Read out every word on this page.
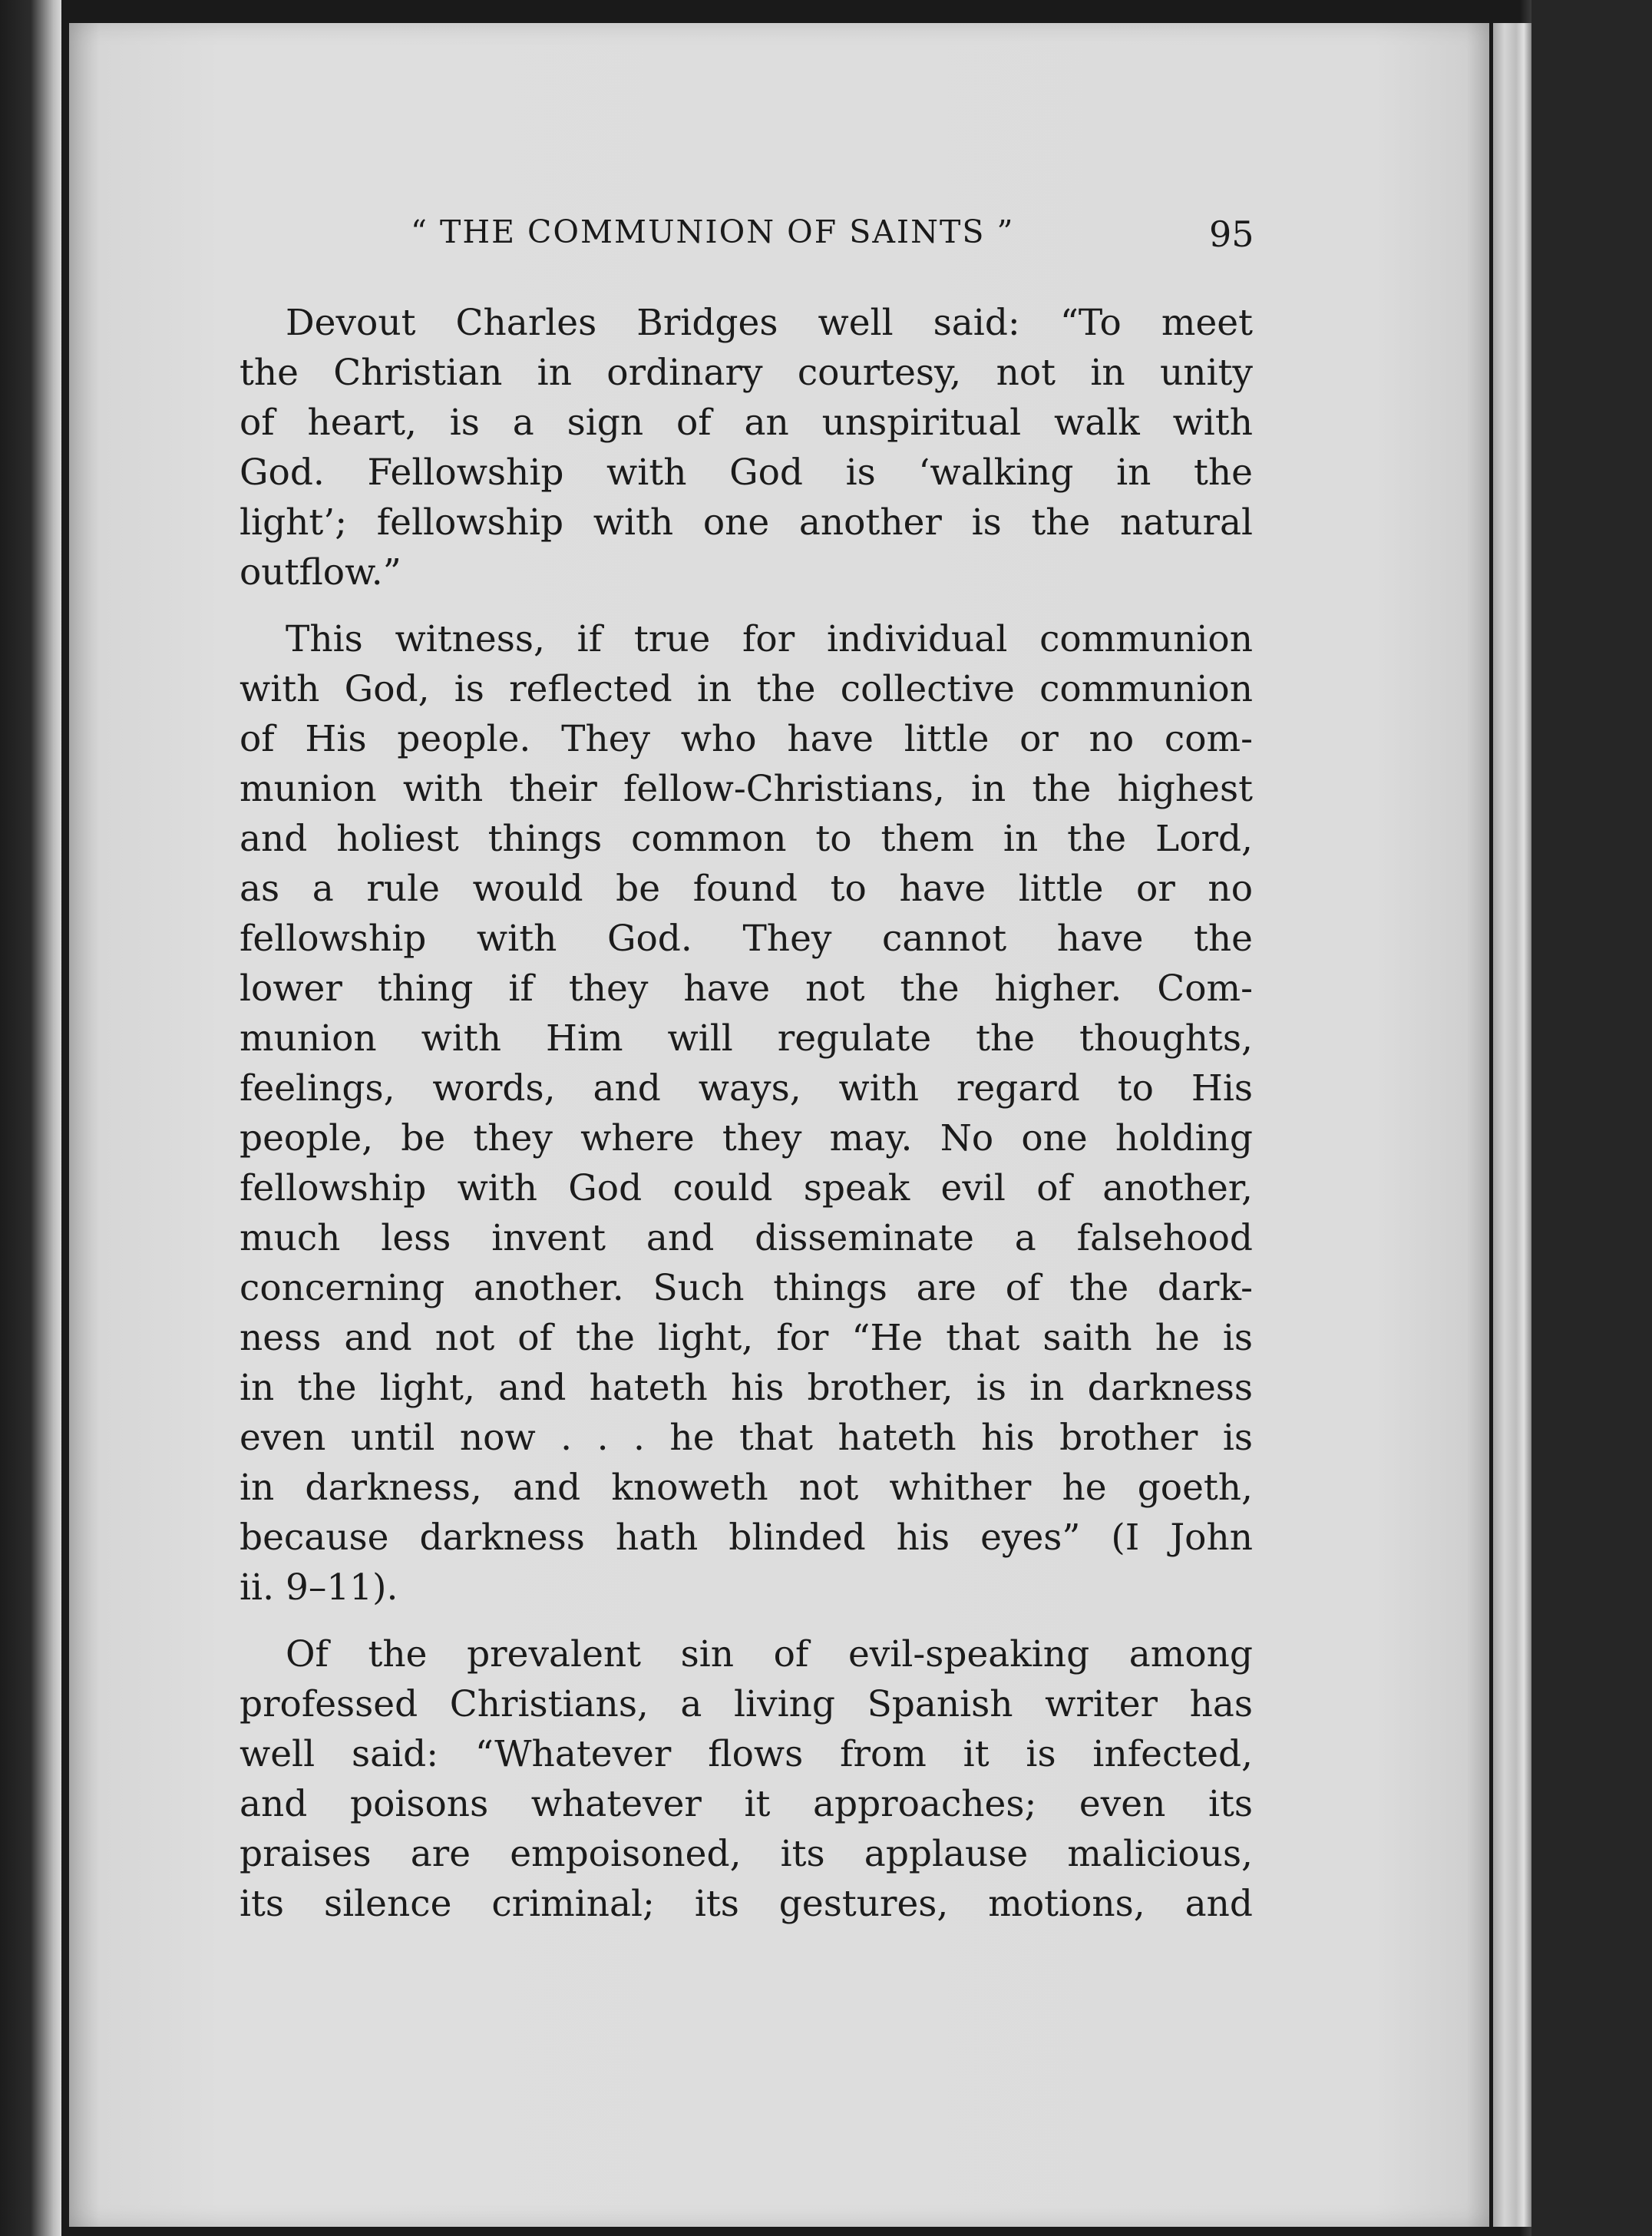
“ THE COMMUNION OF SAINTS ”	95
Devout Charles Bridges well said: “To meet
the Christian in ordinary courtesy, not in unity
of heart, is a sign of an unspiritual walk with
God. Fellowship with God is ‘walking in the
light’; fellowship with one another is the natural
outflow.”
This witness, if true for individual communion
with God, is reflected in the collective communion
of His people. They who have little or no com-
munion with their fellow-Christians, in the highest
and holiest things common to them in the Lord,
as a rule would be found to have little or no
fellowship with God. They cannot have the
lower thing if they have not the higher. Com-
munion with Him will regulate the thoughts,
feelings, words, and ways, with regard to His
people, be they where they may. No one holding
fellowship with God could speak evil of another,
much less invent and disseminate a falsehood
concerning another. Such things are of the dark-
ness and not of the light, for “He that saith he is
in the light, and hateth his brother, is in darkness
even until now . . . he that hateth his brother is
in darkness, and knoweth not whither he goeth,
because darkness hath blinded his eyes” (I John
ii. 9–11).
Of the prevalent sin of evil-speaking among
professed Christians, a living Spanish writer has
well said: “Whatever flows from it is infected,
and poisons whatever it approaches; even its
praises are empoisoned, its applause malicious,
its silence criminal; its gestures, motions, and
